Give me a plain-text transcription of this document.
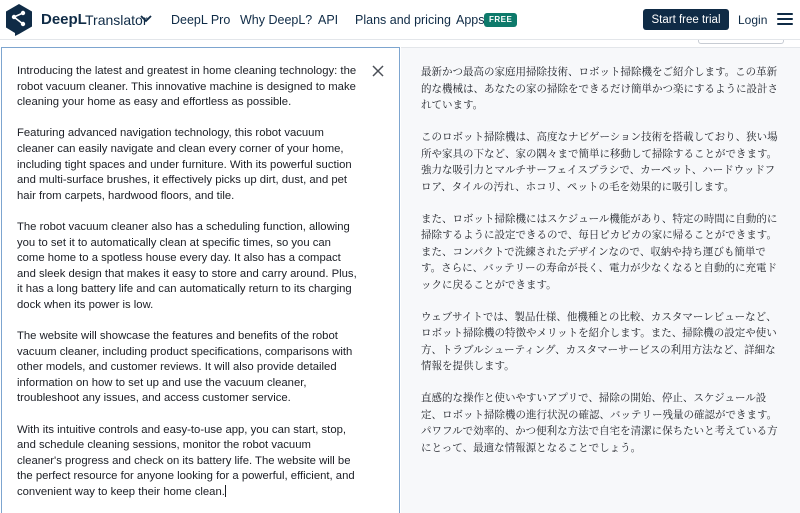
DeepL
Translator DeepL Pro Why DeepL? API Plans and pricing Apps FREE	Start free trial	Login

Introducing the latest and greatest in home cleaning technology: the robot vacuum cleaner. This innovative machine is designed to make cleaning your home as easy and effortless as possible.

Featuring advanced navigation technology, this robot vacuum cleaner can easily navigate and clean every corner of your home, including tight spaces and under furniture. With its powerful suction and multi-surface brushes, it effectively picks up dirt, dust, and pet hair from carpets, hardwood floors, and tile.

The robot vacuum cleaner also has a scheduling function, allowing you to set it to automatically clean at specific times, so you can come home to a spotless house every day. It also has a compact and sleek design that makes it easy to store and carry around. Plus, it has a long battery life and can automatically return to its charging dock when its power is low.

The website will showcase the features and benefits of the robot vacuum cleaner, including product specifications, comparisons with other models, and customer reviews. It will also provide detailed information on how to set up and use the vacuum cleaner, troubleshoot any issues, and access customer service.

With its intuitive controls and easy-to-use app, you can start, stop, and schedule cleaning sessions, monitor the robot vacuum cleaner's progress and check on its battery life. The website will be the perfect resource for anyone looking for a powerful, efficient, and convenient way to keep their home clean.

最新かつ最高の家庭用掃除技術、ロボット掃除機をご紹介します。この革新的な機械は、あなたの家の掃除をできるだけ簡単かつ楽にするように設計されています。

このロボット掃除機は、高度なナビゲーション技術を搭載しており、狭い場所や家具の下など、家の隅々まで簡単に移動して掃除することができます。強力な吸引力とマルチサーフェイスブラシで、カーペット、ハードウッドフロア、タイルの汚れ、ホコリ、ペットの毛を効果的に吸引します。

また、ロボット掃除機にはスケジュール機能があり、特定の時間に自動的に掃除するように設定できるので、毎日ピカピカの家に帰ることができます。また、コンパクトで洗練されたデザインなので、収納や持ち運びも簡単です。さらに、バッテリーの寿命が長く、電力が少なくなると自動的に充電ドックに戻ることができます。

ウェブサイトでは、製品仕様、他機種との比較、カスタマーレビューなど、ロボット掃除機の特徴やメリットを紹介します。また、掃除機の設定や使い方、トラブルシューティング、カスタマーサービスの利用方法など、詳細な情報を提供します。

直感的な操作と使いやすいアプリで、掃除の開始、停止、スケジュール設定、ロボット掃除機の進行状況の確認、バッテリー残量の確認ができます。パワフルで効率的、かつ便利な方法で自宅を清潔に保ちたいと考えている方にとって、最適な情報源となることでしょう。
